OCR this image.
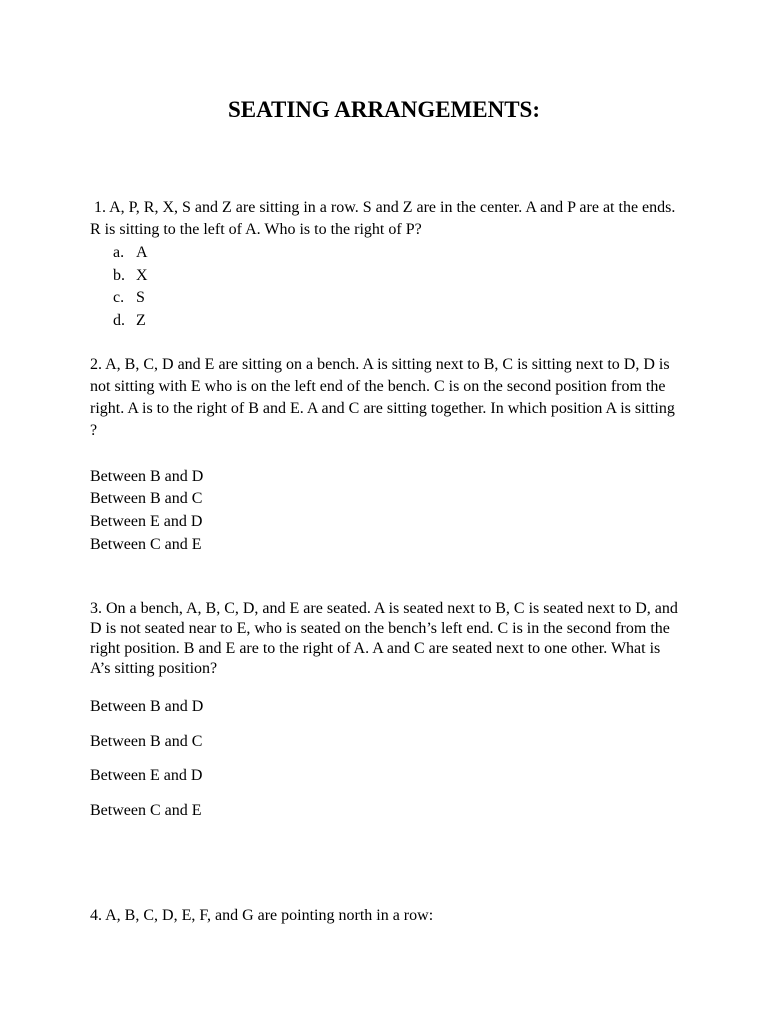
SEATING ARRANGEMENTS:

1. A, P, R, X, S and Z are sitting in a row. S and Z are in the center. A and P are at the ends. R is sitting to the left of A. Who is to the right of P?

a. A
b. X
c. S
d. Z

2. A, B, C, D and E are sitting on a bench. A is sitting next to B, C is sitting next to D, D is not sitting with E who is on the left end of the bench. C is on the second position from the right. A is to the right of B and E. A and C are sitting together. In which position A is sitting ?

Between B and D

Between B and C

Between E and D

Between C and E

3. On a bench, A, B, C, D, and E are seated. A is seated next to B, C is seated next to D, and D is not seated near to E, who is seated on the bench’s left end. C is in the second from the right position. B and E are to the right of A. A and C are seated next to one other. What is A’s sitting position?

Between B and D

Between B and C

Between E and D

Between C and E

4. A, B, C, D, E, F, and G are pointing north in a row:
